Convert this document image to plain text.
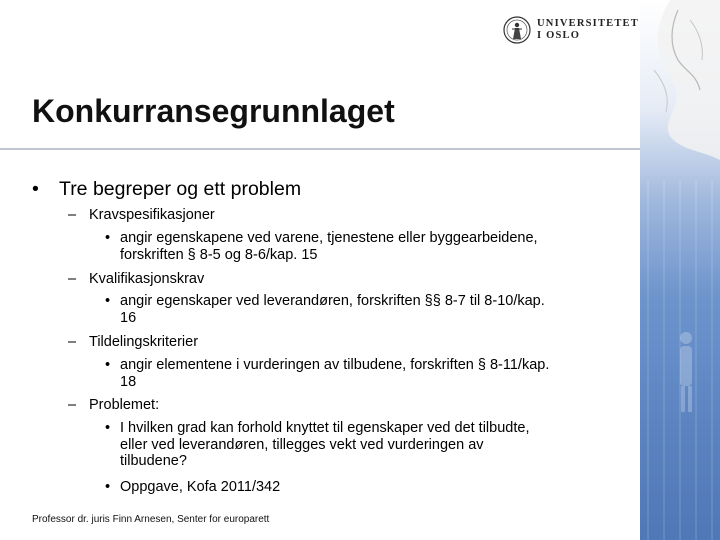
UNIVERSITETET
I OSLO
Konkurransegrunnlaget
• Tre begreper og ett problem
– Kravspesifikasjoner
• angir egenskapene ved varene, tjenestene eller byggearbeidene,
forskriften § 8-5 og 8-6/kap. 15
– Kvalifikasjonskrav
• angir egenskaper ved leverandøren, forskriften §§ 8-7 til 8-10/kap.
16
– Tildelingskriterier
• angir elementene i vurderingen av tilbudene, forskriften § 8-11/kap.
18
– Problemet:
• I hvilken grad kan forhold knyttet til egenskaper ved det tilbudte,
eller ved leverandøren, tillegges vekt ved vurderingen av
tilbudene?
• Oppgave, Kofa 2011/342
Professor dr. juris Finn Arnesen, Senter for europarett
